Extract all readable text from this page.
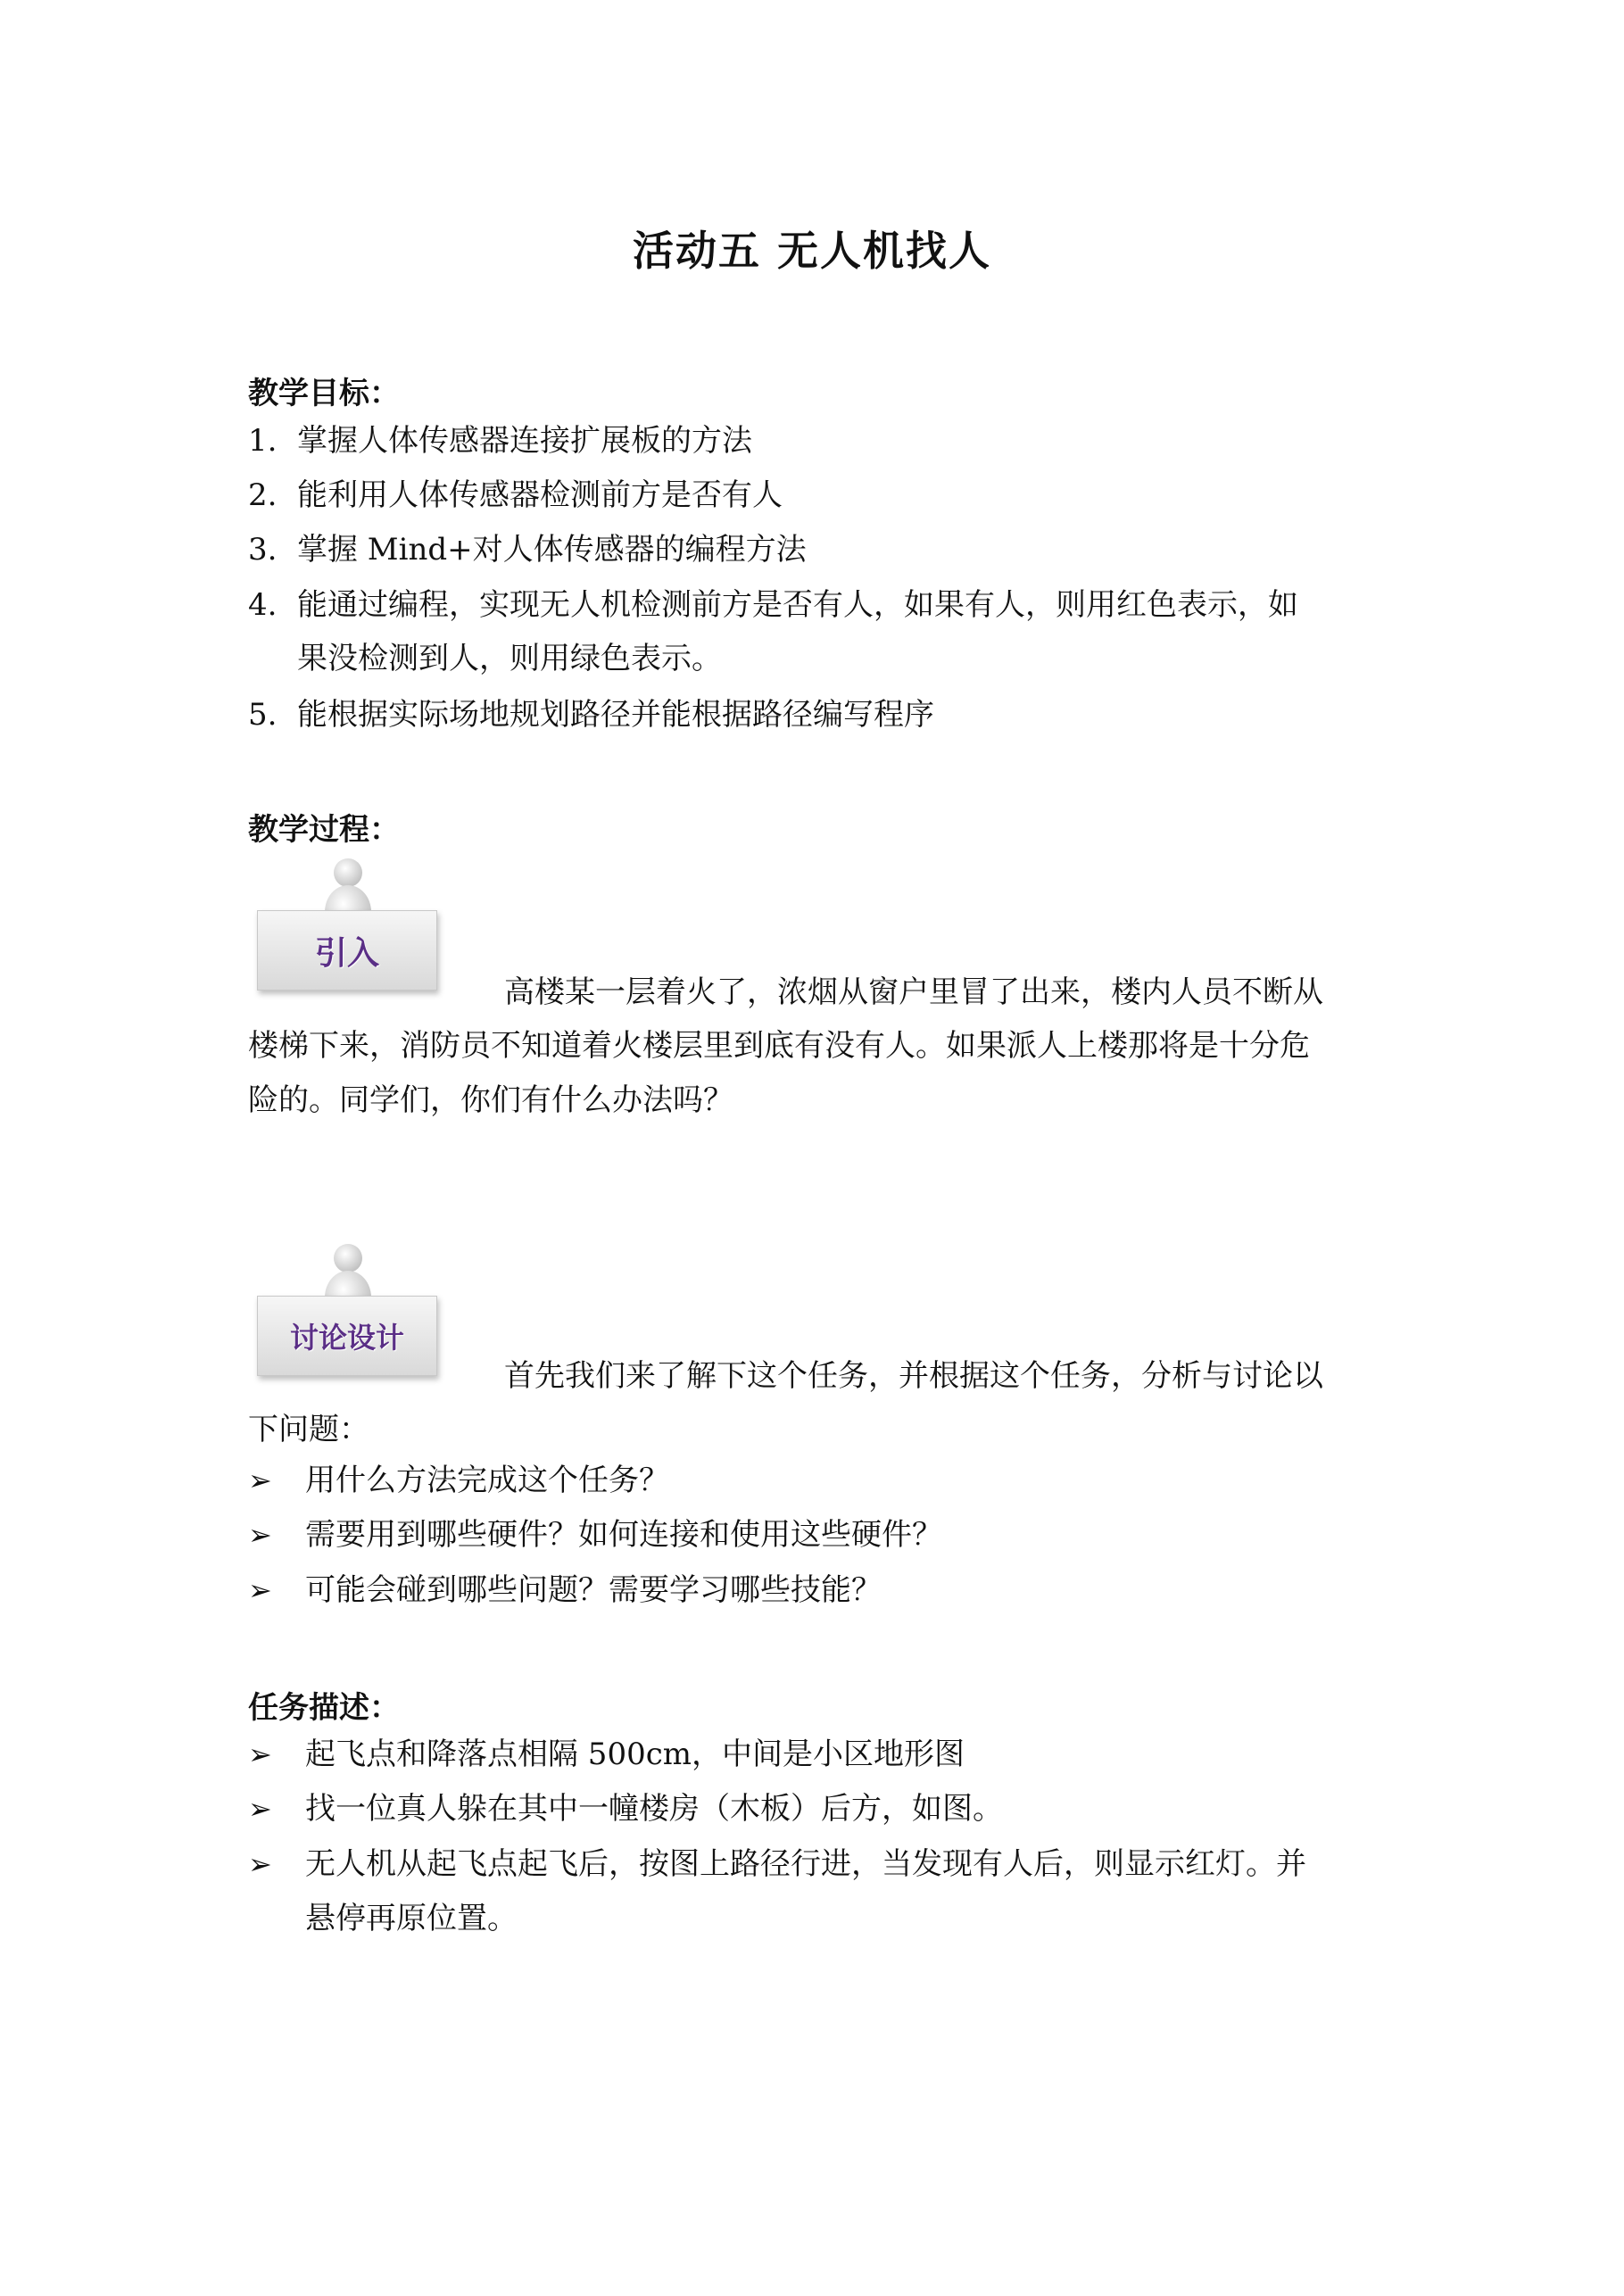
活动五 无人机找人
教学目标：
1. 掌握人体传感器连接扩展板的方法
2. 能利用人体传感器检测前方是否有人
3. 掌握 Mind+对人体传感器的编程方法
4. 能通过编程，实现无人机检测前方是否有人，如果有人，则用红色表示，如
果没检测到人，则用绿色表示。
5. 能根据实际场地规划路径并能根据路径编写程序
教学过程：
引入
高楼某一层着火了，浓烟从窗户里冒了出来，楼内人员不断从
楼梯下来，消防员不知道着火楼层里到底有没有人。如果派人上楼那将是十分危
险的。同学们，你们有什么办法吗？
讨论设计
首先我们来了解下这个任务，并根据这个任务，分析与讨论以
下问题：
➢ 用什么方法完成这个任务？
➢ 需要用到哪些硬件？如何连接和使用这些硬件？
➢ 可能会碰到哪些问题？需要学习哪些技能？
任务描述：
➢ 起飞点和降落点相隔 500cm，中间是小区地形图
➢ 找一位真人躲在其中一幢楼房（木板）后方，如图。
➢ 无人机从起飞点起飞后，按图上路径行进，当发现有人后，则显示红灯。并
悬停再原位置。
